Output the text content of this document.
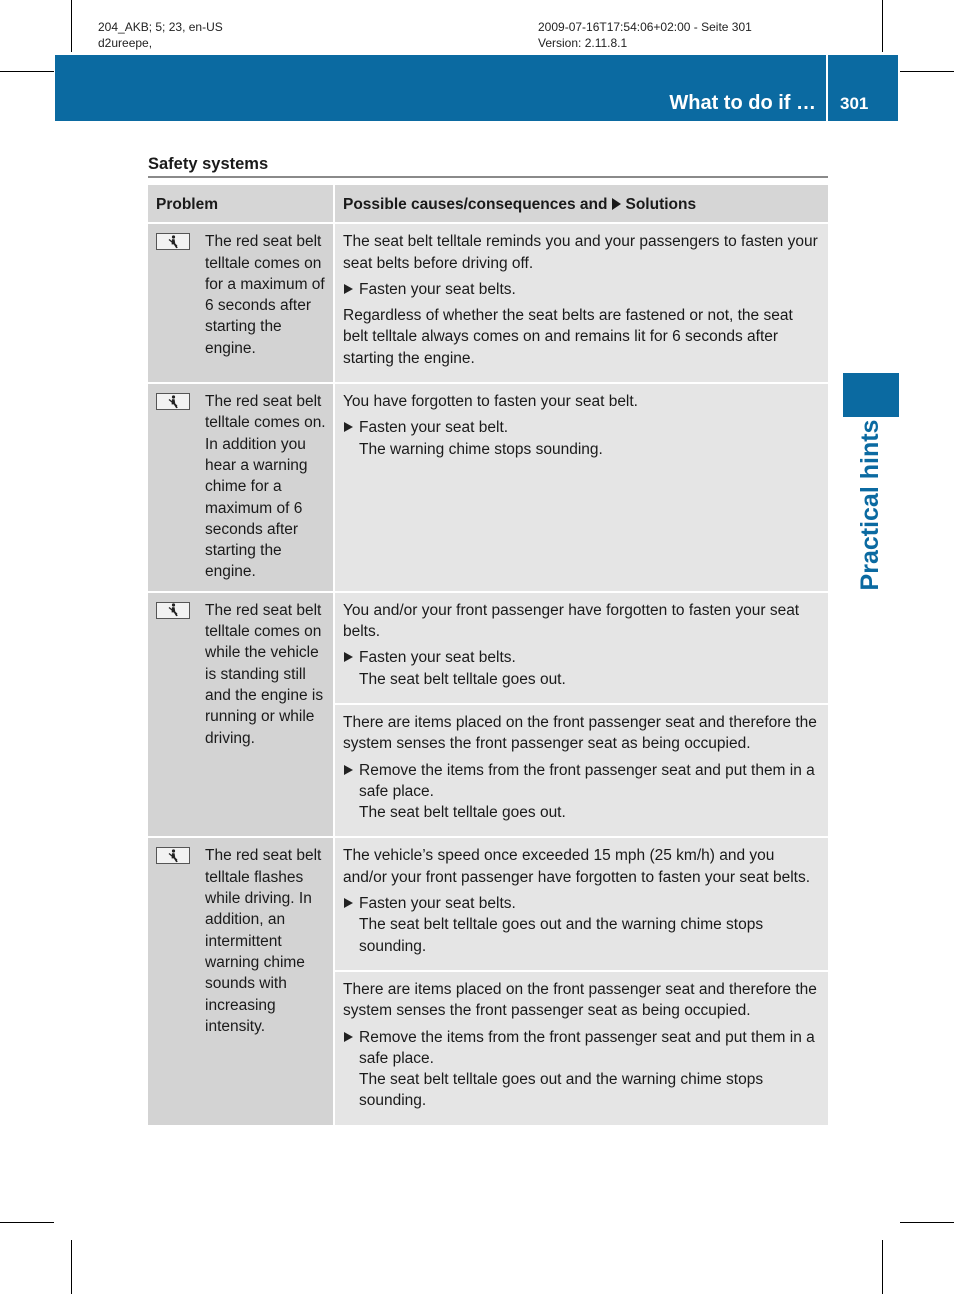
204_AKB; 5; 23, en-US
d2ureepe,
2009-07-16T17:54:06+02:00 - Seite 301
Version: 2.11.8.1
What to do if … 301
Practical hints
Safety systems
Problem	Possible causes/consequences and Solutions

The red seat belt telltale comes on for a maximum of 6 seconds after starting the engine.	The seat belt telltale reminds you and your passengers to fasten your seat belts before driving off.
Fasten your seat belts.
Regardless of whether the seat belts are fastened or not, the seat belt telltale always comes on and remains lit for 6 seconds after starting the engine.

The red seat belt telltale comes on. In addition you hear a warning chime for a maximum of 6 seconds after starting the engine.	You have forgotten to fasten your seat belt.
Fasten your seat belt.
The warning chime stops sounding.

The red seat belt telltale comes on while the vehicle is standing still and the engine is running or while driving.	You and/or your front passenger have forgotten to fasten your seat belts.
Fasten your seat belts.
The seat belt telltale goes out.

	There are items placed on the front passenger seat and therefore the system senses the front passenger seat as being occupied.
Remove the items from the front passenger seat and put them in a safe place.
The seat belt telltale goes out.

The red seat belt telltale flashes while driving. In addition, an intermittent warning chime sounds with increasing intensity.	The vehicle’s speed once exceeded 15 mph (25 km/h) and you and/or your front passenger have forgotten to fasten your seat belts.
Fasten your seat belts.
The seat belt telltale goes out and the warning chime stops sounding.

	There are items placed on the front passenger seat and therefore the system senses the front passenger seat as being occupied.
Remove the items from the front passenger seat and put them in a safe place.
The seat belt telltale goes out and the warning chime stops sounding.
